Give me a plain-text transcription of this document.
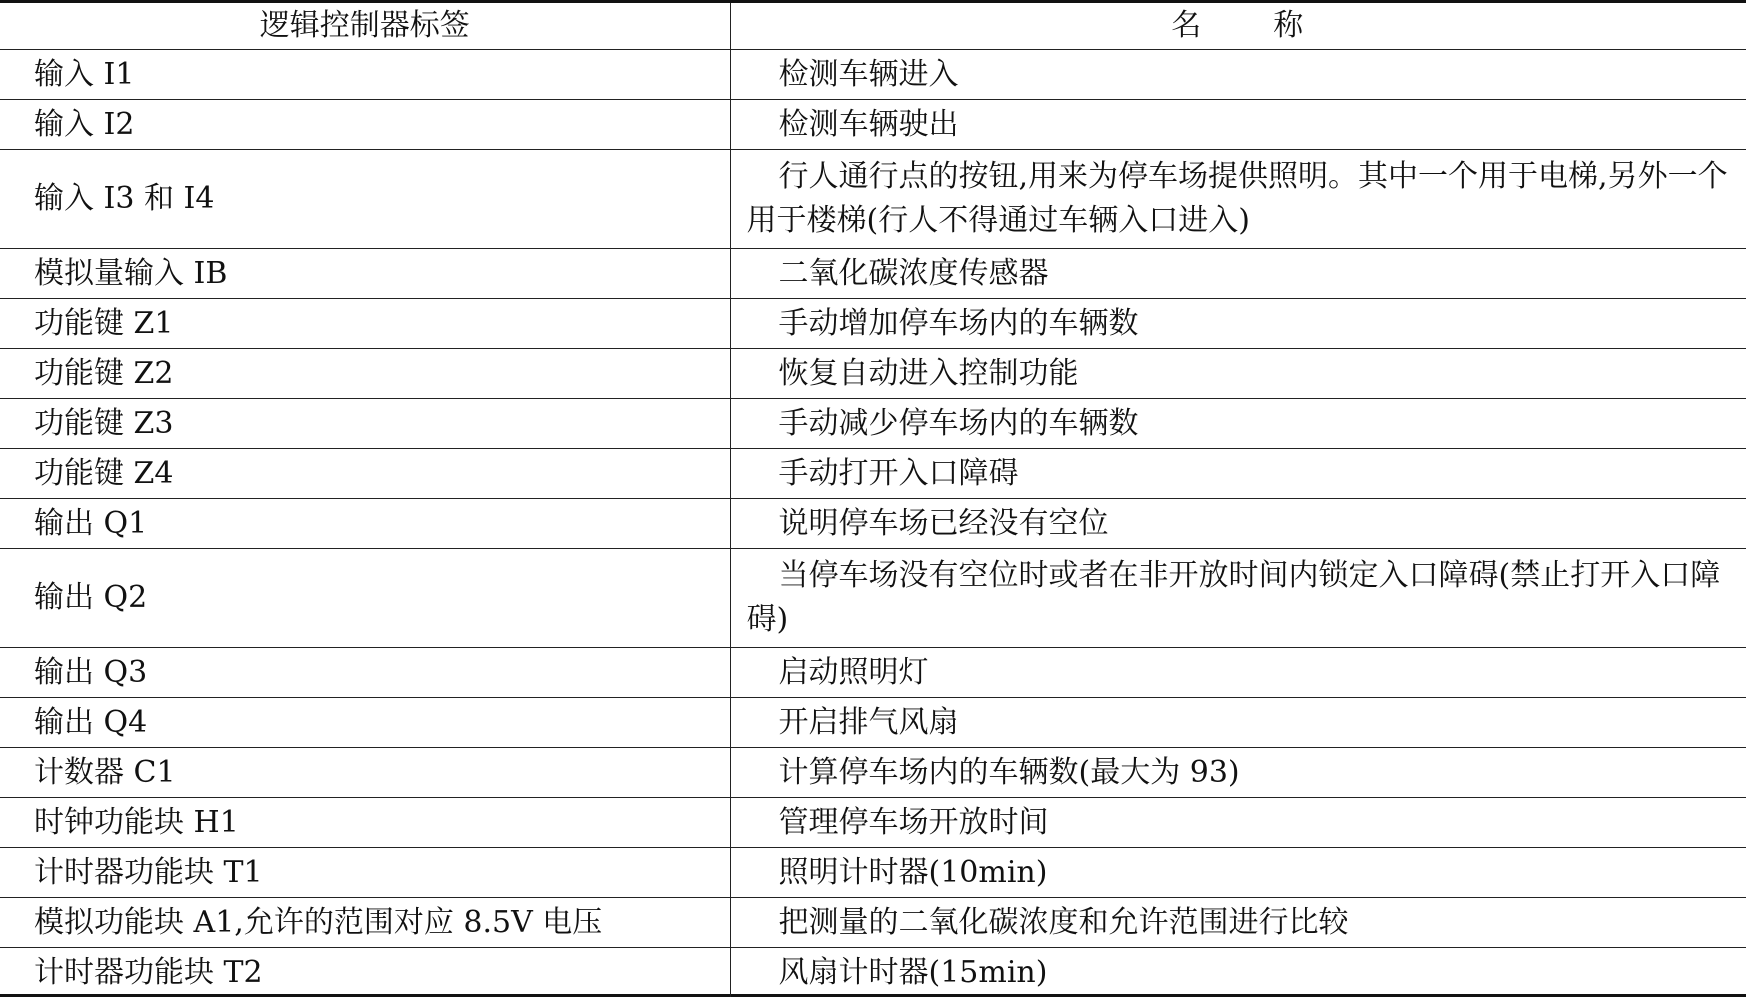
逻辑控制器标签	名 称
输入 I1	检测车辆进入
输入 I2	检测车辆驶出
输入 I3 和 I4	行人通行点的按钮,用来为停车场提供照明。其中一个用于电梯,另外一个用于楼梯(行人不得通过车辆入口进入)
模拟量输入 IB	二氧化碳浓度传感器
功能键 Z1	手动增加停车场内的车辆数
功能键 Z2	恢复自动进入控制功能
功能键 Z3	手动减少停车场内的车辆数
功能键 Z4	手动打开入口障碍
输出 Q1	说明停车场已经没有空位
输出 Q2	当停车场没有空位时或者在非开放时间内锁定入口障碍(禁止打开入口障碍)
输出 Q3	启动照明灯
输出 Q4	开启排气风扇
计数器 C1	计算停车场内的车辆数(最大为 93)
时钟功能块 H1	管理停车场开放时间
计时器功能块 T1	照明计时器(10min)
模拟功能块 A1,允许的范围对应 8.5V 电压	把测量的二氧化碳浓度和允许范围进行比较
计时器功能块 T2	风扇计时器(15min)
